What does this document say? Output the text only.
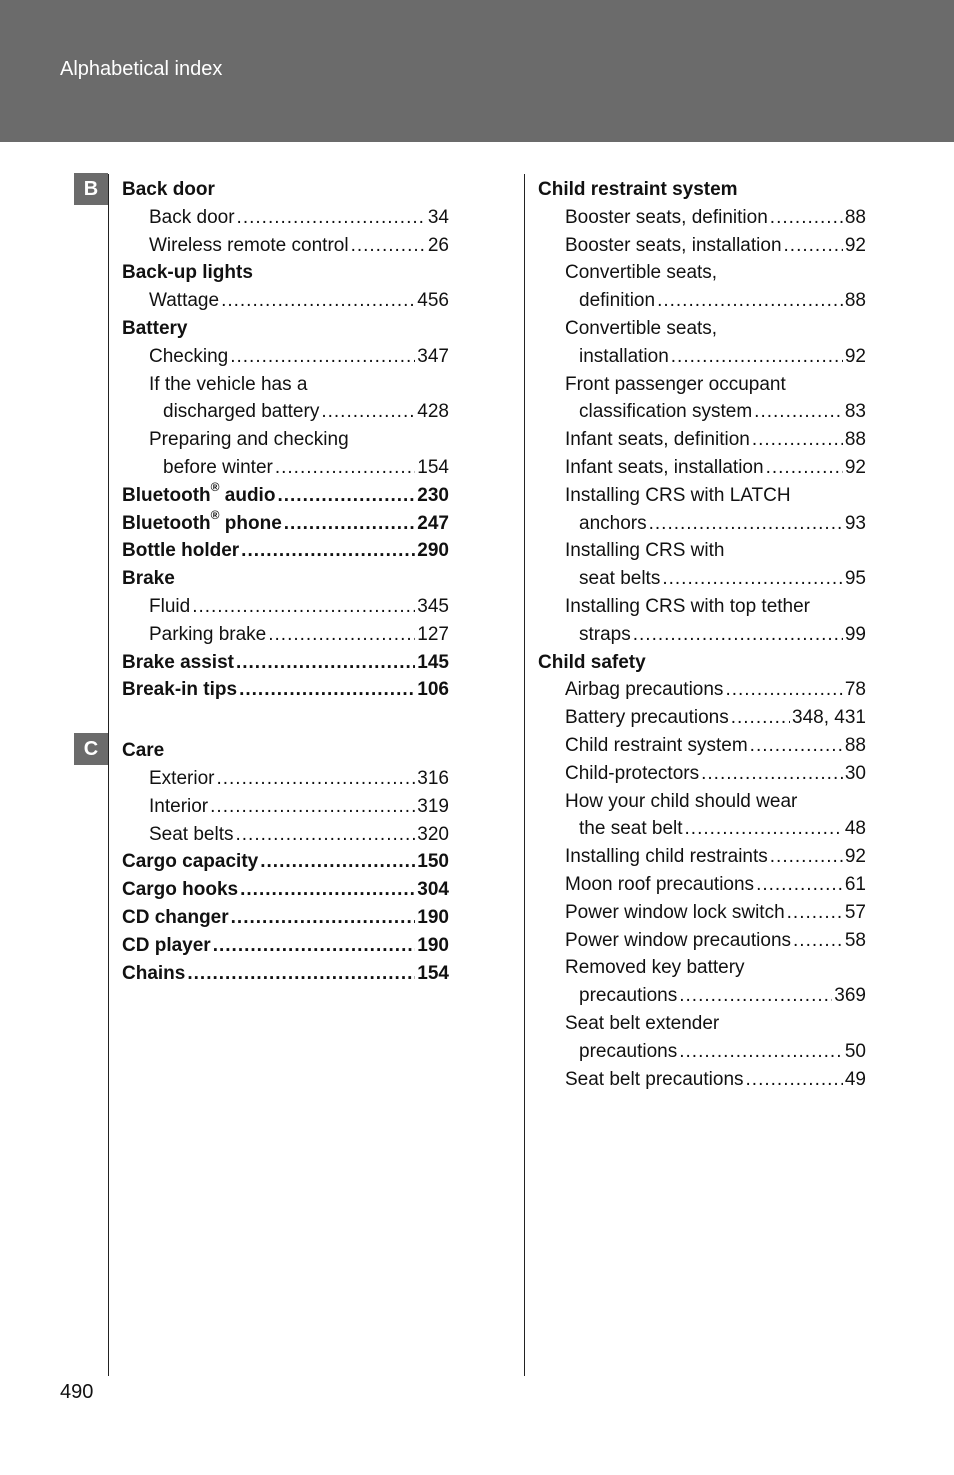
Alphabetical index
B
C
Back door
Back door .....	34
Wireless remote control .....	26
Back-up lights
Wattage .....	456
Battery
Checking .....	347
If the vehicle has a
discharged battery .....	428
Preparing and checking
before winter .....	154
Bluetooth® audio .....	230
Bluetooth® phone .....	247
Bottle holder .....	290
Brake
Fluid .....	345
Parking brake .....	127
Brake assist .....	145
Break-in tips .....	106
Care
Exterior .....	316
Interior .....	319
Seat belts .....	320
Cargo capacity .....	150
Cargo hooks .....	304
CD changer .....	190
CD player .....	190
Chains .....	154
Child restraint system
Booster seats, definition .....	88
Booster seats, installation .....	92
Convertible seats,
definition .....	88
Convertible seats,
installation .....	92
Front passenger occupant
classification system .....	83
Infant seats, definition .....	88
Infant seats, installation .....	92
Installing CRS with LATCH
anchors .....	93
Installing CRS with
seat belts .....	95
Installing CRS with top tether
straps .....	99
Child safety
Airbag precautions .....	78
Battery precautions .....	348, 431
Child restraint system .....	88
Child-protectors .....	30
How your child should wear
the seat belt .....	48
Installing child restraints .....	92
Moon roof precautions .....	61
Power window lock switch .....	57
Power window precautions .....	58
Removed key battery
precautions .....	369
Seat belt extender
precautions .....	50
Seat belt precautions .....	49
490
